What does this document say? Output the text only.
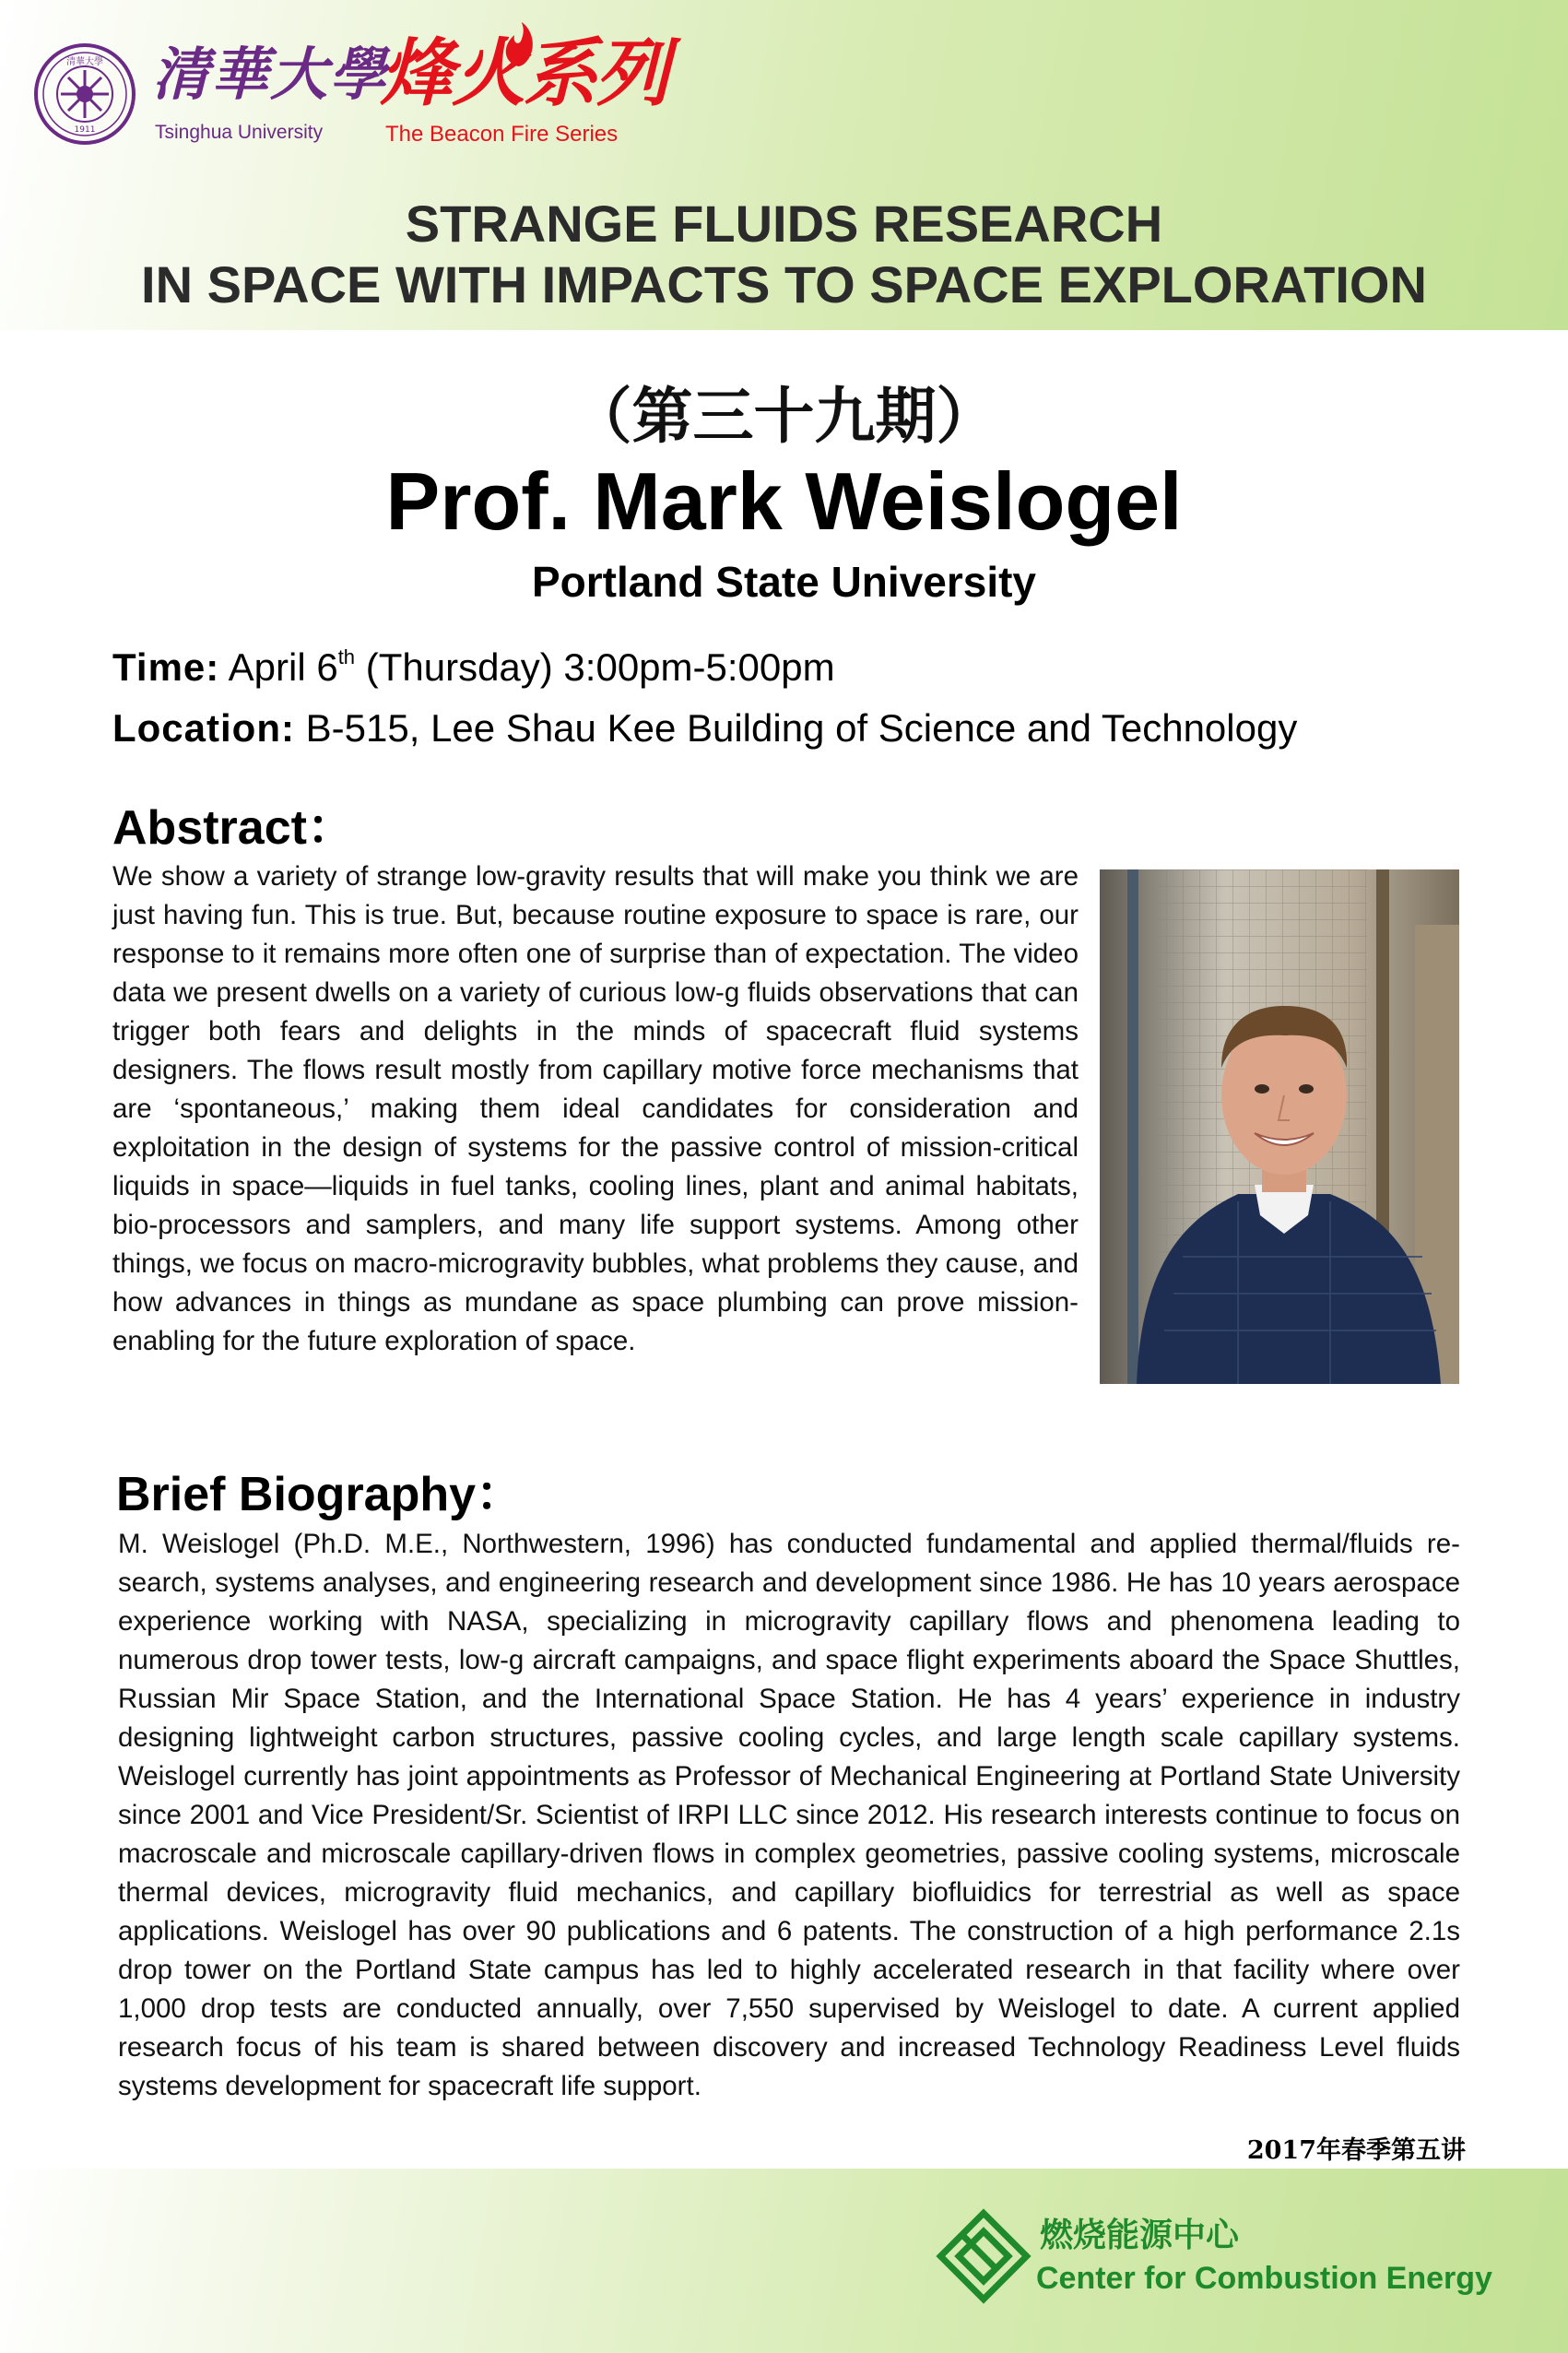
清華大學
1911
清華大學
Tsinghua University
烽火系列
The Beacon Fire Series
STRANGE FLUIDS RESEARCH
IN SPACE WITH IMPACTS TO SPACE EXPLORATION
（第三十九期）
Prof. Mark Weislogel
Portland State University
Time: April 6th (Thursday) 3:00pm-5:00pm
Location: B-515, Lee Shau Kee Building of Science and Technology
Abstract：
We show a variety of strange low-gravity results that will make you think we are just having fun. This is true. But, because routine exposure to space is rare, our response to it remains more often one of surprise than of expectation. The video data we present dwells on a variety of curious low-g fluids observations that can trigger both fears and delights in the minds of spacecraft fluid systems designers. The flows result mostly from capillary motive force mechanisms that are ‘spontaneous,’ making them ideal candidates for consideration and exploitation in the design of systems for the passive control of mission-critical liquids in space—liquids in fuel tanks, cooling lines, plant and animal habitats, bio-processors and samplers, and many life support systems. Among other things, we focus on macro-microgravity bubbles, what problems they cause, and how advances in things as mundane as space plumbing can prove mission-enabling for the future exploration of space.
Brief Biography：
M. Weislogel (Ph.D. M.E., Northwestern, 1996) has conducted fundamental and applied thermal/fluids research, systems analyses, and engineering research and development since 1986. He has 10 years aerospace experience working with NASA, specializing in microgravity capillary flows and phenomena leading to numerous drop tower tests, low-g aircraft campaigns, and space flight experiments aboard the Space Shuttles, Russian Mir Space Station, and the International Space Station. He has 4 years’ experience in industry designing lightweight carbon structures, passive cooling cycles, and large length scale capillary systems. Weislogel currently has joint appointments as Professor of Mechanical Engineering at Portland State University since 2001 and Vice President/Sr. Scientist of IRPI LLC since 2012. His research interests continue to focus on macroscale and microscale capillary-driven flows in complex geometries, passive cooling systems, microscale thermal devices, microgravity fluid mechanics, and capillary biofluidics for terrestrial as well as space applications. Weislogel has over 90 publications and 6 patents. The construction of a high performance 2.1s drop tower on the Portland State campus has led to highly accelerated research in that facility where over 1,000 drop tests are conducted annually, over 7,550 supervised by Weislogel to date. A current applied research focus of his team is shared between discovery and increased Technology Readiness Level fluids systems development for spacecraft life support.
2017年春季第五讲
燃烧能源中心
Center for Combustion Energy
